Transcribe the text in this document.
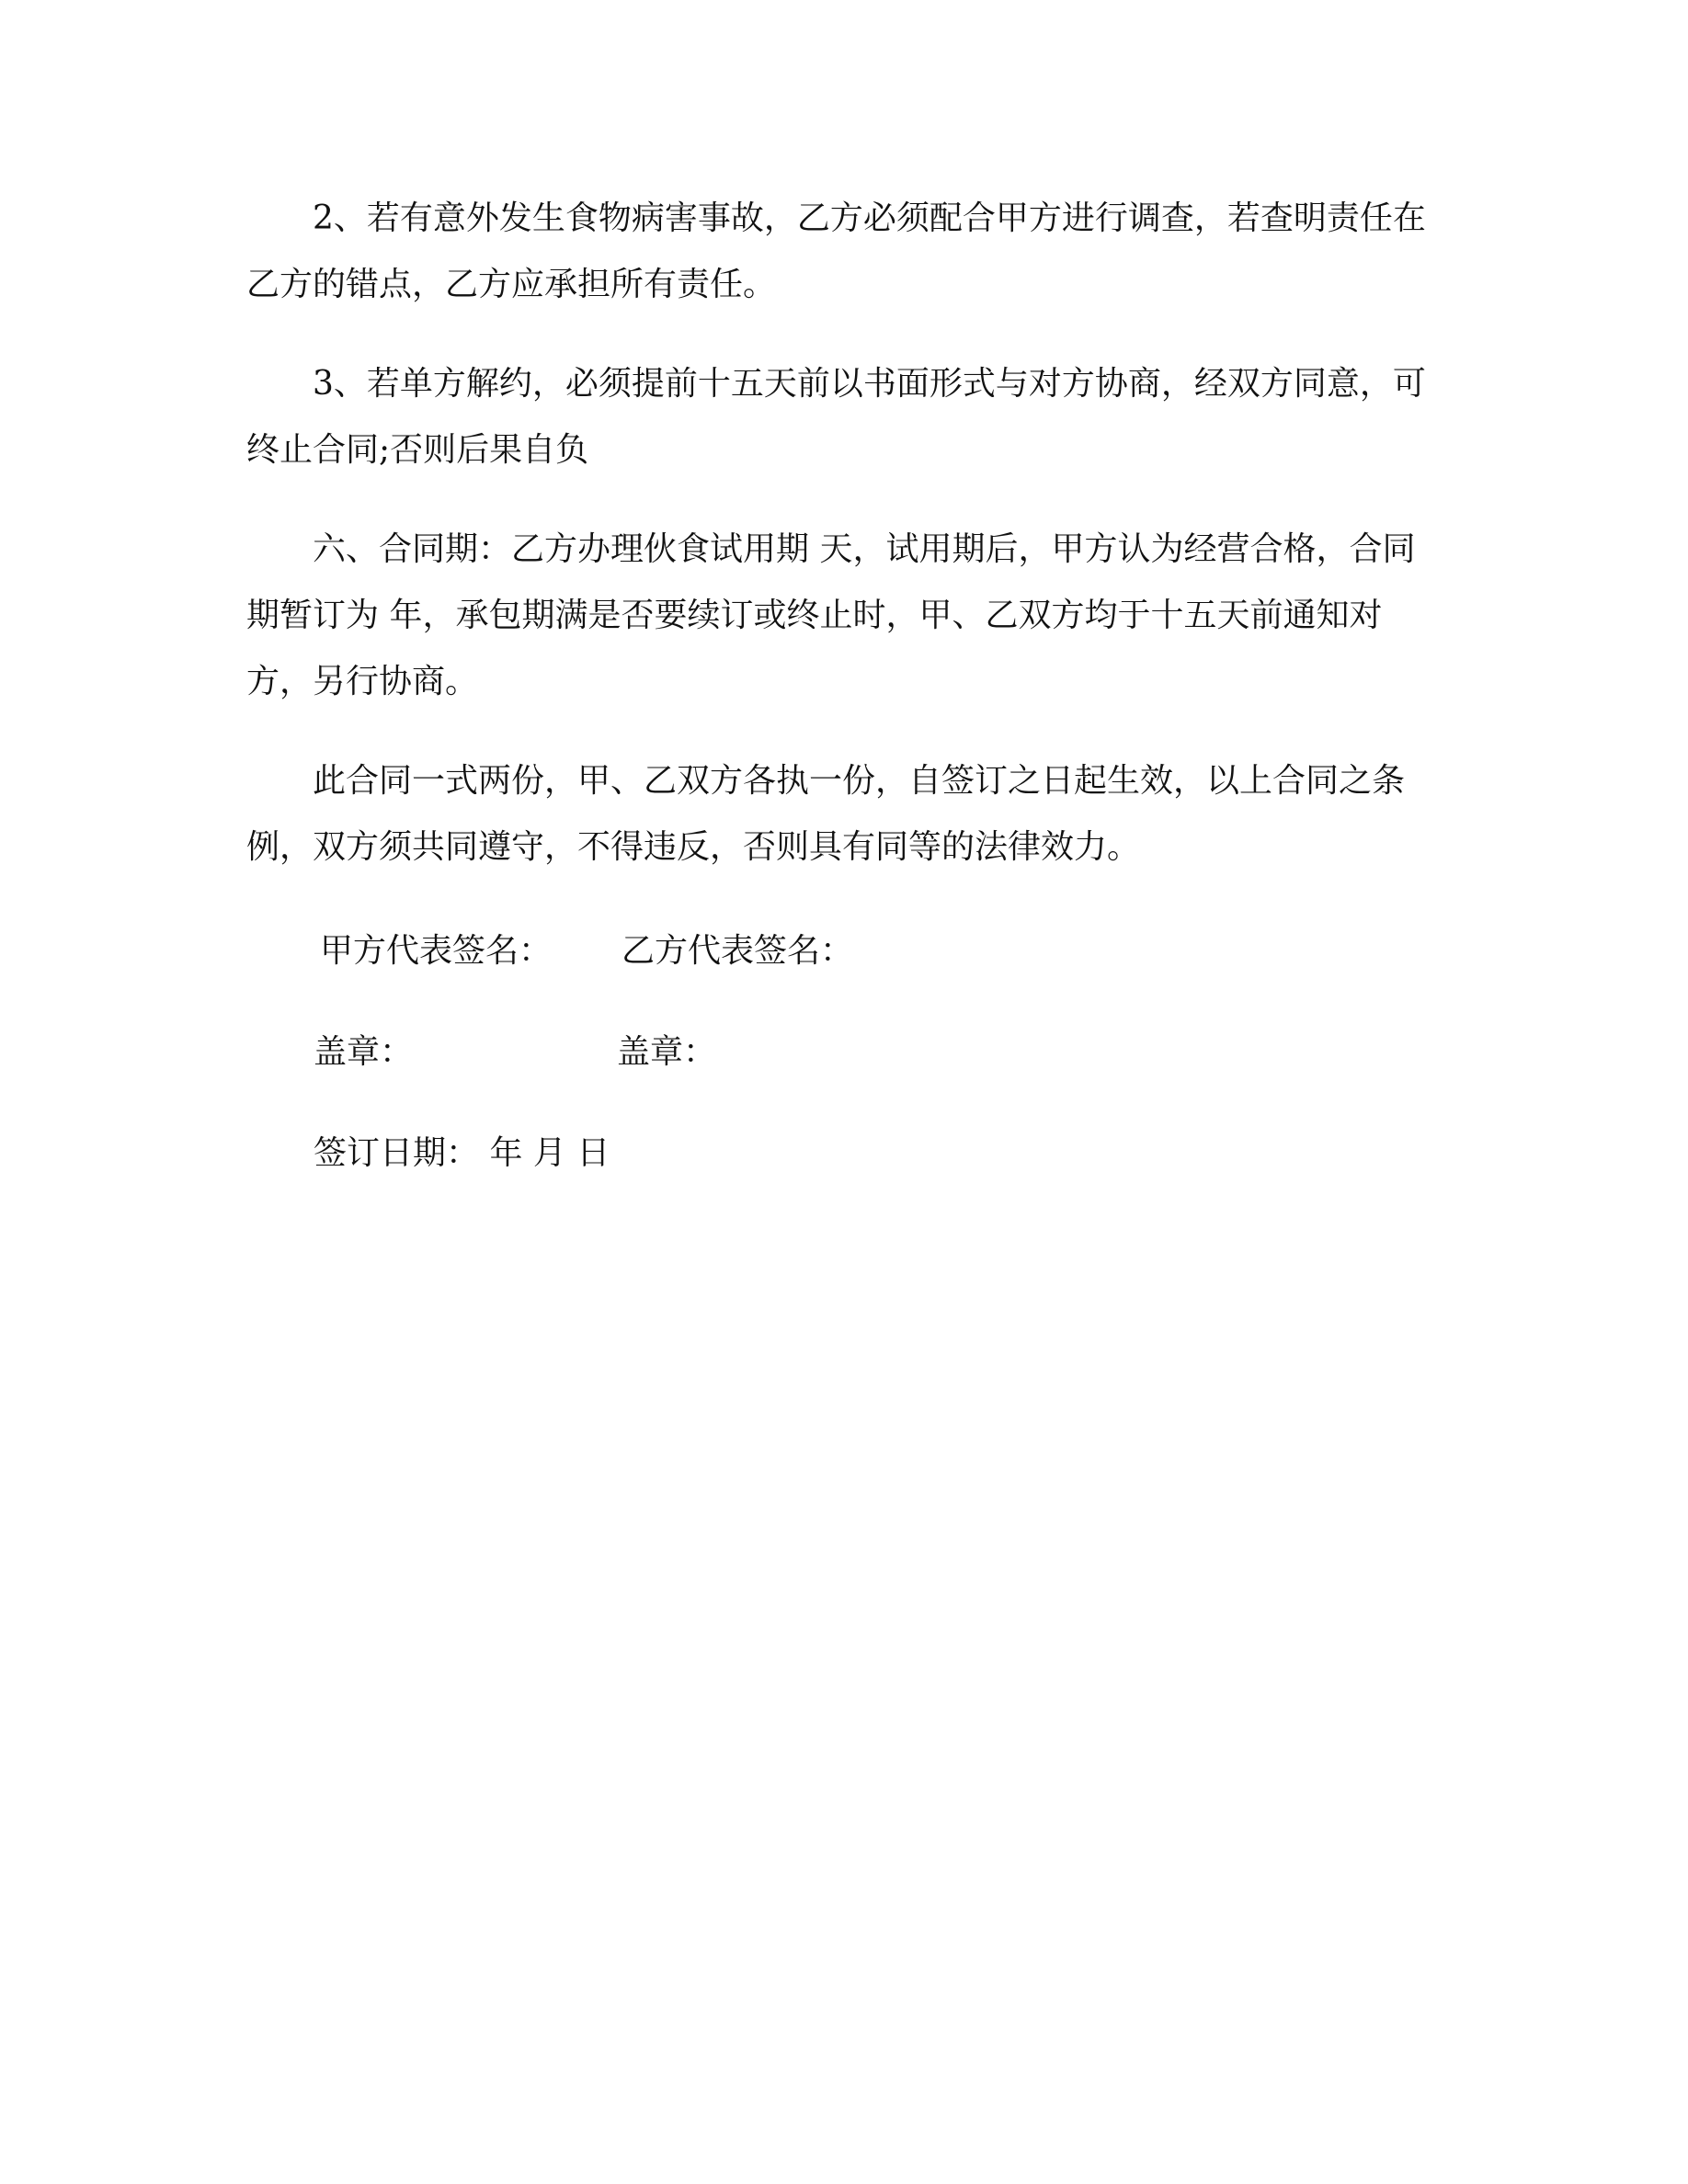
　　2、若有意外发生食物病害事故，乙方必须配合甲方进行调查，若查明责任在
乙方的错点，乙方应承担所有责任。

　　3、若单方解约，必须提前十五天前以书面形式与对方协商，经双方同意，可
终止合同;否则后果自负

　　六、合同期：乙方办理伙食试用期 天，试用期后，甲方认为经营合格，合同
期暂订为 年，承包期满是否要续订或终止时，甲、乙双方均于十五天前通知对
方，另行协商。

　　此合同一式两份，甲、乙双方各执一份，自签订之日起生效，以上合同之条
例，双方须共同遵守，不得违反，否则具有同等的法律效力。

甲方代表签名： 乙方代表签名：
盖章：	盖章：
签订日期： 年 月 日
